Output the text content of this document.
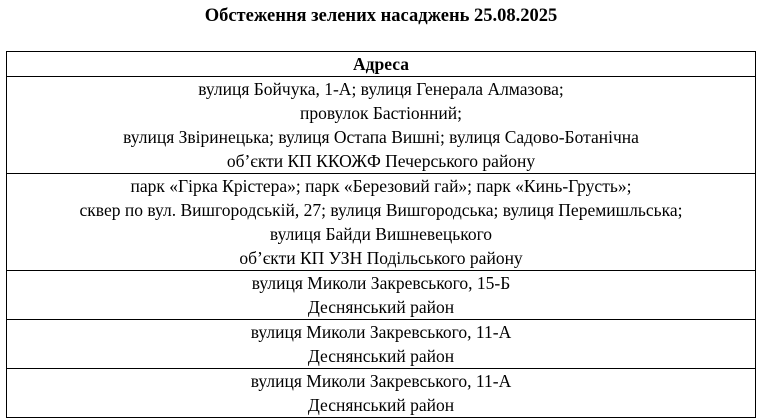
Обстеження зелених насаджень 25.08.2025
Адреса

вулиця Бойчука, 1-А; вулиця Генерала Алмазова;
провулок Бастіонний;
вулиця Звіринецька; вулиця Остапа Вишні; вулиця Садово-Ботанічна
об’єкти КП ККОЖФ Печерського району

парк «Гірка Крістера»; парк «Березовий гай»; парк «Кинь-Грусть»;
сквер по вул. Вишгородській, 27; вулиця Вишгородська; вулиця Перемишльська;
вулиця Байди Вишневецького
об’єкти КП УЗН Подільського району

вулиця Миколи Закревського, 15-Б
Деснянський район

вулиця Миколи Закревського, 11-А
Деснянський район

вулиця Миколи Закревського, 11-А
Деснянський район
